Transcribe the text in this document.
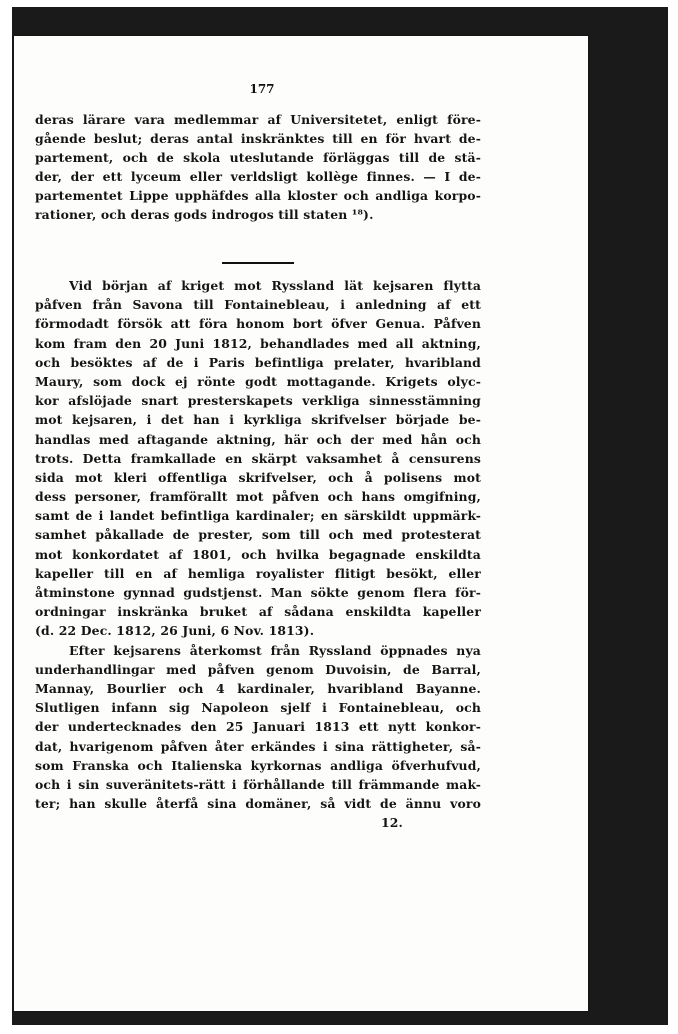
177
deras lärare vara medlemmar af Universitetet, enligt före-
gående beslut; deras antal inskränktes till en för hvart de-
partement, och de skola uteslutande förläggas till de stä-
der, der ett lyceum eller verldsligt kollège finnes. — I de-
partementet Lippe upphäfdes alla kloster och andliga korpo-
rationer, och deras gods indrogos till staten ¹⁸).
Vid början af kriget mot Ryssland lät kejsaren flytta
påfven från Savona till Fontainebleau, i anledning af ett
förmodadt försök att föra honom bort öfver Genua. Påfven
kom fram den 20 Juni 1812, behandlades med all aktning,
och besöktes af de i Paris befintliga prelater, hvaribland
Maury, som dock ej rönte godt mottagande. Krigets olyc-
kor afslöjade snart presterskapets verkliga sinnesstämning
mot kejsaren, i det han i kyrkliga skrifvelser började be-
handlas med aftagande aktning, här och der med hån och
trots. Detta framkallade en skärpt vaksamhet å censurens
sida mot kleri offentliga skrifvelser, och å polisens mot
dess personer, framförallt mot påfven och hans omgifning,
samt de i landet befintliga kardinaler; en särskildt uppmärk-
samhet påkallade de prester, som till och med protesterat
mot konkordatet af 1801, och hvilka begagnade enskildta
kapeller till en af hemliga royalister flitigt besökt, eller
åtminstone gynnad gudstjenst. Man sökte genom flera för-
ordningar inskränka bruket af sådana enskildta kapeller
(d. 22 Dec. 1812, 26 Juni, 6 Nov. 1813).
Efter kejsarens återkomst från Ryssland öppnades nya
underhandlingar med påfven genom Duvoisin, de Barral,
Mannay, Bourlier och 4 kardinaler, hvaribland Bayanne.
Slutligen infann sig Napoleon sjelf i Fontainebleau, och
der undertecknades den 25 Januari 1813 ett nytt konkor-
dat, hvarigenom påfven åter erkändes i sina rättigheter, så-
som Franska och Italienska kyrkornas andliga öfverhufvud,
och i sin suveränitets-rätt i förhållande till främmande mak-
ter; han skulle återfå sina domäner, så vidt de ännu voro
12.
